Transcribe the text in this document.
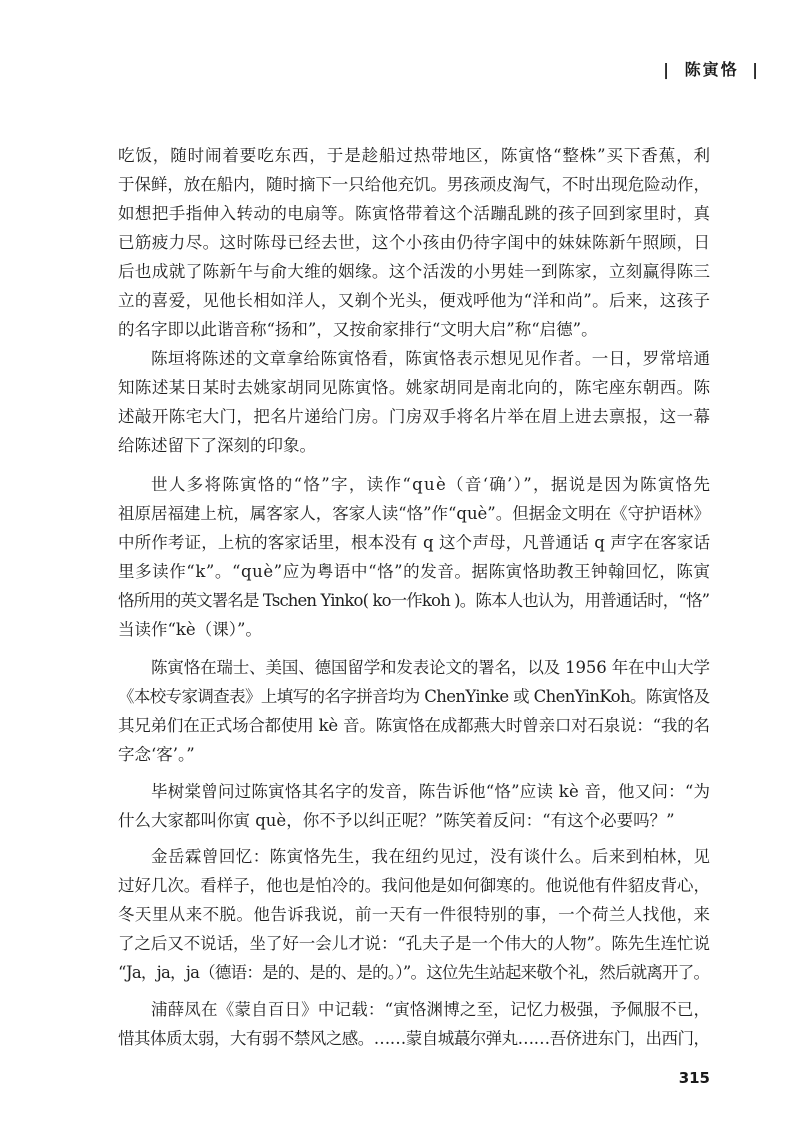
| 陈寅恪 |
吃饭，随时闹着要吃东西，于是趁船过热带地区，陈寅恪“整株”买下香蕉，利
于保鲜，放在船内，随时摘下一只给他充饥。男孩顽皮淘气，不时出现危险动作，
如想把手指伸入转动的电扇等。陈寅恪带着这个活蹦乱跳的孩子回到家里时，真
已筋疲力尽。这时陈母已经去世，这个小孩由仍待字闺中的妹妹陈新午照顾，日
后也成就了陈新午与俞大维的姻缘。这个活泼的小男娃一到陈家，立刻赢得陈三
立的喜爱，见他长相如洋人，又剃个光头，便戏呼他为“洋和尚”。后来，这孩子
的名字即以此谐音称“扬和”，又按俞家排行“文明大启”称“启德”。
陈垣将陈述的文章拿给陈寅恪看，陈寅恪表示想见见作者。一日，罗常培通
知陈述某日某时去姚家胡同见陈寅恪。姚家胡同是南北向的，陈宅座东朝西。陈
述敲开陈宅大门，把名片递给门房。门房双手将名片举在眉上进去禀报，这一幕
给陈述留下了深刻的印象。
世人多将陈寅恪的“恪”字，读作“què（音‘确’）”，据说是因为陈寅恪先
祖原居福建上杭，属客家人，客家人读“恪”作“què”。但据金文明在《守护语林》
中所作考证，上杭的客家话里，根本没有 q 这个声母，凡普通话 q 声字在客家话
里多读作“k”。“què”应为粤语中“恪”的发音。据陈寅恪助教王钟翰回忆，陈寅
恪所用的英文署名是 Tschen Yinko( ko一作koh )。陈本人也认为，用普通话时，“恪”
当读作“kè（课）”。
陈寅恪在瑞士、美国、德国留学和发表论文的署名，以及 1956 年在中山大学
《本校专家调查表》上填写的名字拼音均为 ChenYinke 或 ChenYinKoh。陈寅恪及
其兄弟们在正式场合都使用 kè 音。陈寅恪在成都燕大时曾亲口对石泉说：“我的名
字念‘客’。”
毕树棠曾问过陈寅恪其名字的发音，陈告诉他“恪”应读 kè 音，他又问：“为
什么大家都叫你寅 què，你不予以纠正呢？”陈笑着反问：“有这个必要吗？”
金岳霖曾回忆：陈寅恪先生，我在纽约见过，没有谈什么。后来到柏林，见
过好几次。看样子，他也是怕冷的。我问他是如何御寒的。他说他有件貂皮背心，
冬天里从来不脱。他告诉我说，前一天有一件很特别的事，一个荷兰人找他，来
了之后又不说话，坐了好一会儿才说：“孔夫子是一个伟大的人物”。陈先生连忙说
“Ja，ja，ja（德语：是的、是的、是的。）”。这位先生站起来敬个礼，然后就离开了。
浦薛凤在《蒙自百日》中记载：“寅恪渊博之至，记忆力极强，予佩服不已，
惜其体质太弱，大有弱不禁风之感。……蒙自城蕞尔弹丸……吾侪进东门，出西门，
315
